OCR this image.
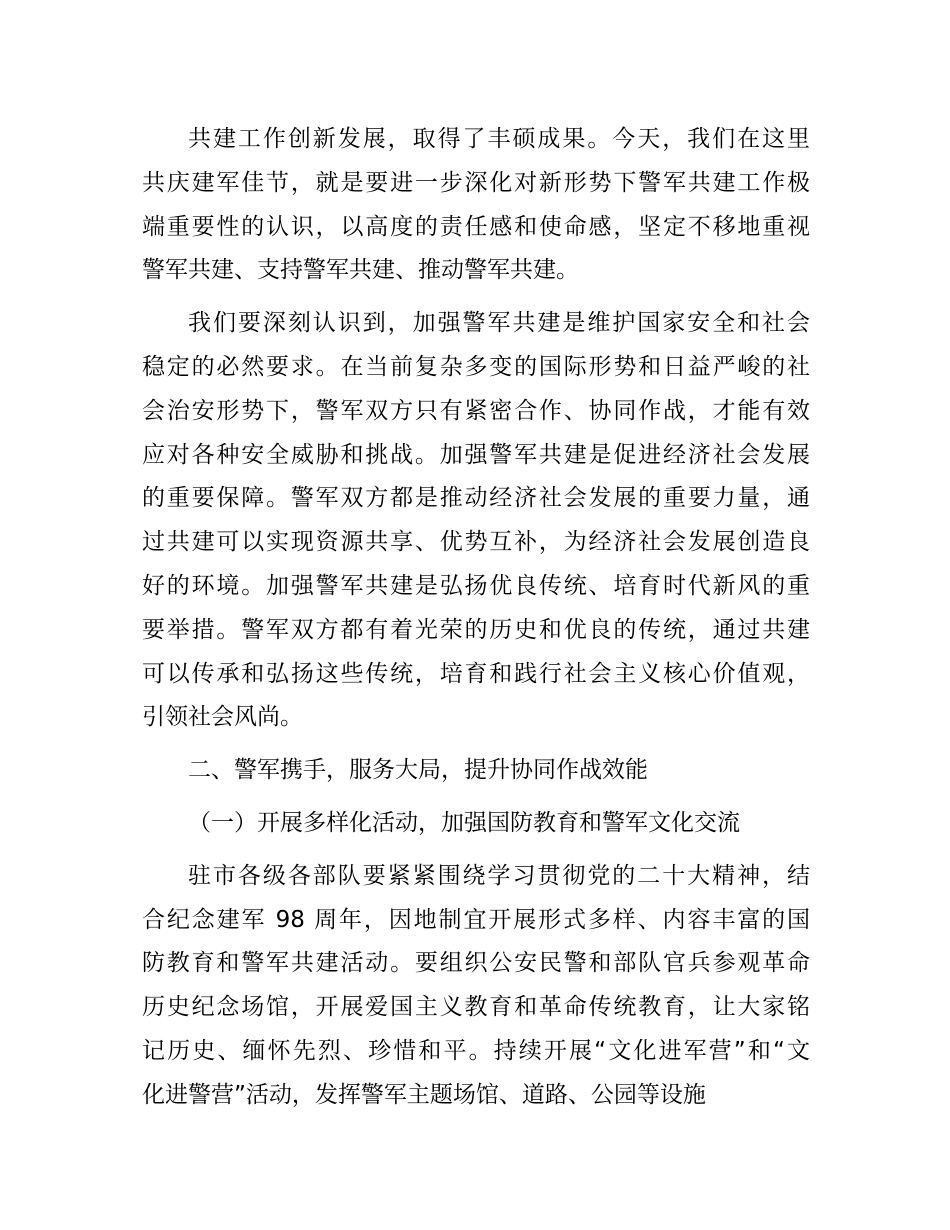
共建工作创新发展，取得了丰硕成果。今天，我们在这里
共庆建军佳节，就是要进一步深化对新形势下警军共建工作极
端重要性的认识，以高度的责任感和使命感，坚定不移地重视
警军共建、支持警军共建、推动警军共建。
我们要深刻认识到，加强警军共建是维护国家安全和社会
稳定的必然要求。在当前复杂多变的国际形势和日益严峻的社
会治安形势下，警军双方只有紧密合作、协同作战，才能有效
应对各种安全威胁和挑战。加强警军共建是促进经济社会发展
的重要保障。警军双方都是推动经济社会发展的重要力量，通
过共建可以实现资源共享、优势互补，为经济社会发展创造良
好的环境。加强警军共建是弘扬优良传统、培育时代新风的重
要举措。警军双方都有着光荣的历史和优良的传统，通过共建
可以传承和弘扬这些传统，培育和践行社会主义核心价值观，
引领社会风尚。
二、警军携手，服务大局，提升协同作战效能
（一）开展多样化活动，加强国防教育和警军文化交流
驻市各级各部队要紧紧围绕学习贯彻党的二十大精神，结
合纪念建军 98 周年，因地制宜开展形式多样、内容丰富的国
防教育和警军共建活动。要组织公安民警和部队官兵参观革命
历史纪念场馆，开展爱国主义教育和革命传统教育，让大家铭
记历史、缅怀先烈、珍惜和平。持续开展“文化进军营”和“文
化进警营”活动，发挥警军主题场馆、道路、公园等设施
